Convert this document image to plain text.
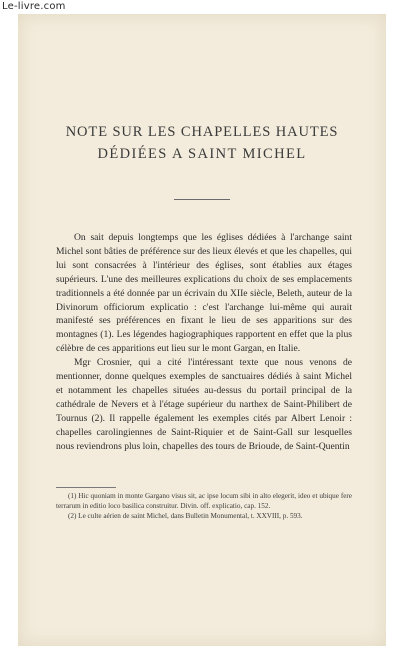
Le-livre.com
NOTE SUR LES CHAPELLES HAUTES
DÉDIÉES A SAINT MICHEL

On sait depuis longtemps que les églises dédiées à l'archange saint Michel sont bâties de préférence sur des lieux élevés et que les chapelles, qui lui sont consacrées à l'intérieur des églises, sont établies aux étages supérieurs. L'une des meilleures explications du choix de ses emplacements traditionnels a été donnée par un écrivain du XIIe siècle, Beleth, auteur de la Divinorum officiorum explicatio : c'est l'archange lui-même qui aurait manifesté ses préférences en fixant le lieu de ses apparitions sur des montagnes (1). Les légendes hagiographiques rapportent en effet que la plus célèbre de ces apparitions eut lieu sur le mont Gargan, en Italie.

Mgr Crosnier, qui a cité l'intéressant texte que nous venons de mentionner, donne quelques exemples de sanctuaires dédiés à saint Michel et notamment les chapelles situées au-dessus du portail principal de la cathédrale de Nevers et à l'étage supérieur du narthex de Saint-Philibert de Tournus (2). Il rappelle également les exemples cités par Albert Lenoir : chapelles carolingiennes de Saint-Riquier et de Saint-Gall sur lesquelles nous reviendrons plus loin, chapelles des tours de Brioude, de Saint-Quentin

(1) Hic quoniam in monte Gargano visus sit, ac ipse locum sibi in alto elegerit, ideo et ubique fere terrarum in editio loco basilica construitur. Divin. off. explicatio, cap. 152.

(2) Le culte aérien de saint Michel, dans Bulletin Monumental, t. XXVIII, p. 593.
